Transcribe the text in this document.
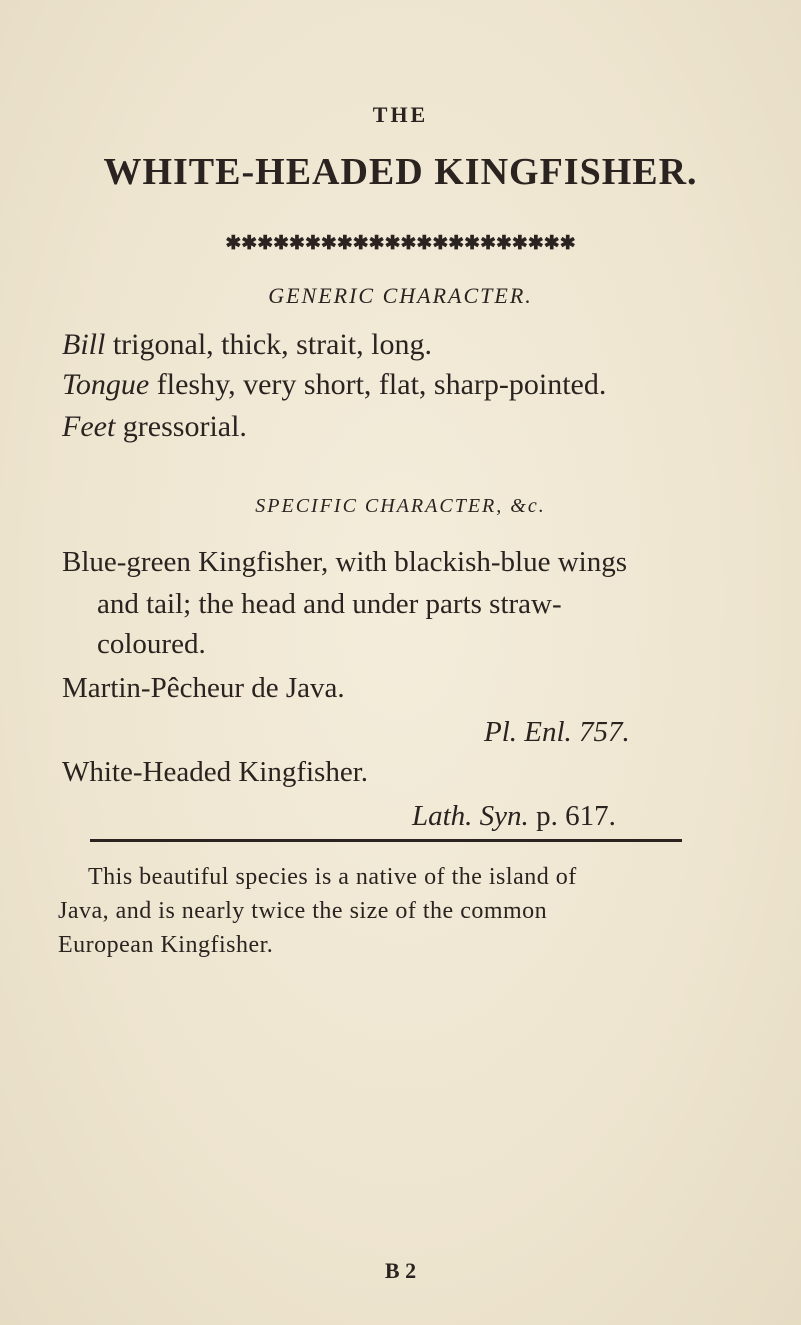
THE
WHITE-HEADED KINGFISHER.
✱✱✱✱✱✱✱✱✱✱✱✱✱✱✱✱✱✱✱✱✱✱
GENERIC CHARACTER.
Bill trigonal, thick, strait, long.
Tongue fleshy, very short, flat, sharp-pointed.
Feet gressorial.
SPECIFIC CHARACTER, &c.
Blue-green Kingfisher, with blackish-blue wings
and tail; the head and under parts straw-
coloured.
Martin-Pêcheur de Java.
Pl. Enl. 757.
White-Headed Kingfisher.
Lath. Syn. p. 617.
This beautiful species is a native of the island of
Java, and is nearly twice the size of the common
European Kingfisher.
B 2
